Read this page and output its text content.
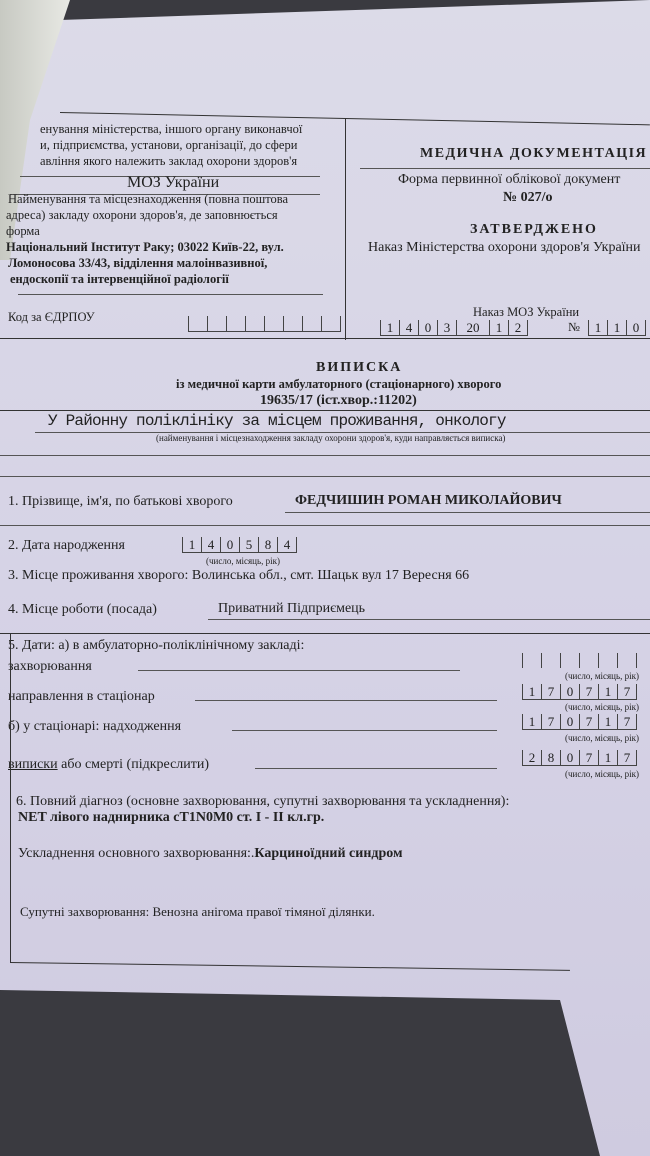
енування міністерства, іншого органу виконавчої
и, підприємства, установи, організації, до сфери
авління якого належить заклад охорони здоров'я
МОЗ України
Найменування та місцезнаходження (повна поштова
адреса) закладу охорони здоров'я, де заповнюється
форма
Національний Інститут Раку; 03022 Київ-22, вул.
Ломоносова 33/43, відділення малоінвазивної,
ендоскопії та інтервенційної радіології
Код за ЄДРПОУ
МЕДИЧНА ДОКУМЕНТАЦІЯ
Форма первинної облікової документ
№ 027/о
ЗАТВЕРДЖЕНО
Наказ Міністерства охорони здоров'я України
Наказ МОЗ України
1 4 0 3	20	1 2	№	1 1 0
ВИПИСКА
із медичної карти амбулаторного (стаціонарного) хворого
19635/17 (іст.хвор.:11202)
У Районну поліклініку за місцем проживання, онкологу
(найменування і місцезнаходження закладу охорони здоров'я, куди направляється виписка)
1. Прізвище, ім'я, по батькові хворого	ФЕДЧИШИН РОМАН МИКОЛАЙОВИЧ
2. Дата народження	1 4 0 5 8 4
(число, місяць, рік)
3. Місце проживання хворого: Волинська обл., смт. Шацьк вул 17 Вересня 66
4. Місце роботи (посада)	Приватний Підприємець
5. Дати: а) в амбулаторно-поліклінічному закладі:
захворювання
(число, місяць, рік)
направлення в стаціонар	1 7 0 7 1 7
(число, місяць, рік)
б) у стаціонарі: надходження	1 7 0 7 1 7
(число, місяць, рік)
виписки або смерті (підкреслити)	2 8 0 7 1 7
(число, місяць, рік)
6. Повний діагноз (основне захворювання, супутні захворювання та ускладнення):
NET лівого наднирника cT1N0M0 ст. I - II кл.гр.
Ускладнення основного захворювання:.Карциноїдний синдром
Супутні захворювання: Венозна анігома правої тімяної ділянки.
